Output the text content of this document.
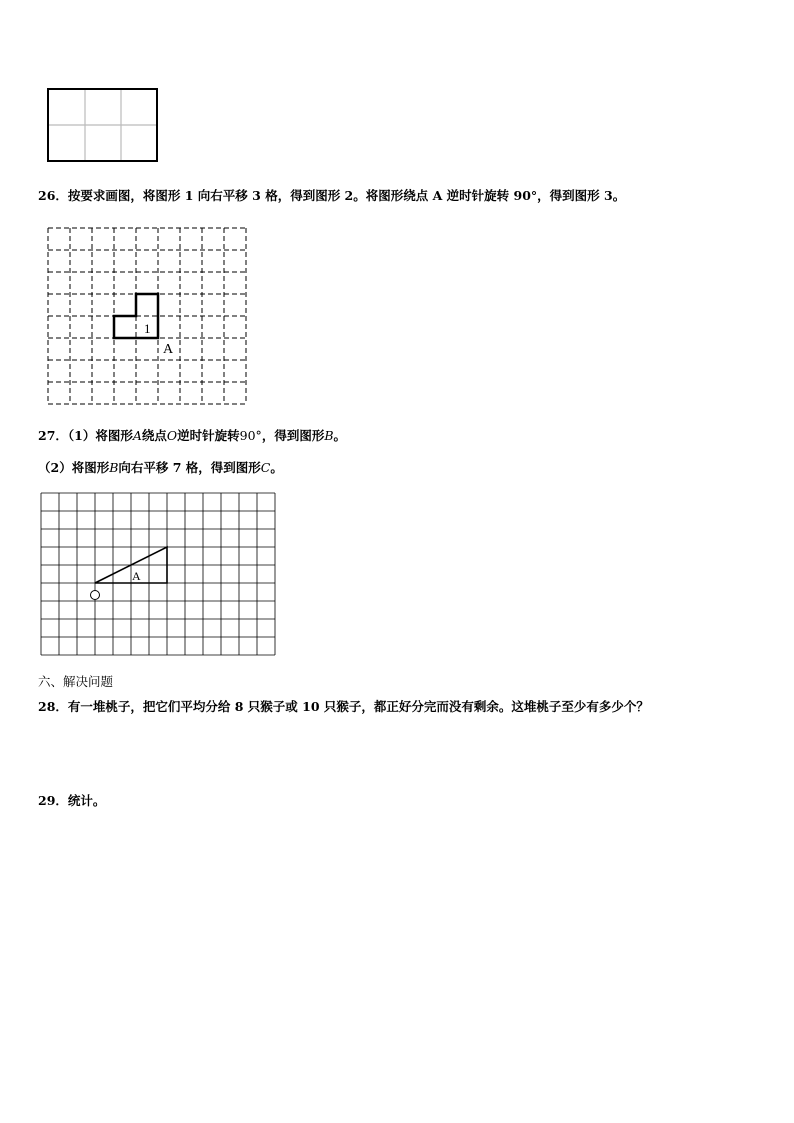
26．按要求画图，将图形 1 向右平移 3 格，得到图形 2。将图形绕点 A 逆时针旋转 90°，得到图形 3。
1
A
27．（1）将图形A绕点O逆时针旋转90°，得到图形B。
（2）将图形B向右平移 7 格，得到图形C。
A
六、解决问题
28．有一堆桃子，把它们平均分给 8 只猴子或 10 只猴子，都正好分完而没有剩余。这堆桃子至少有多少个？
29．统计。
